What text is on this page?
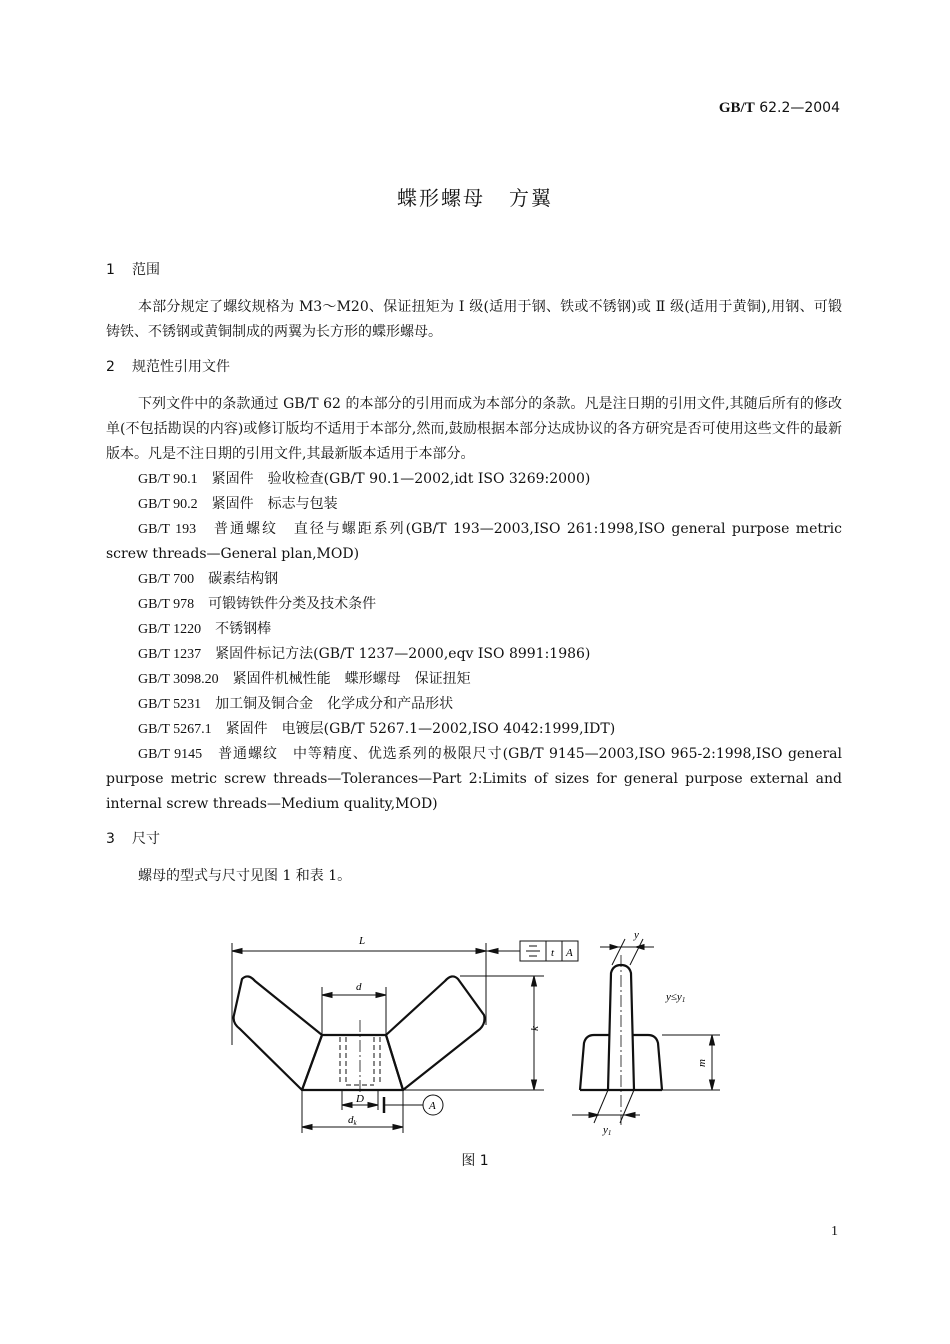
GB/T 62.2—2004
蝶形螺母 方翼
1 范围

本部分规定了螺纹规格为 M3～M20、保证扭矩为 Ⅰ 级(适用于钢、铁或不锈钢)或 Ⅱ 级(适用于黄铜),用钢、可锻铸铁、不锈钢或黄铜制成的两翼为长方形的蝶形螺母。

2 规范性引用文件

下列文件中的条款通过 GB/T 62 的本部分的引用而成为本部分的条款。凡是注日期的引用文件,其随后所有的修改单(不包括勘误的内容)或修订版均不适用于本部分,然而,鼓励根据本部分达成协议的各方研究是否可使用这些文件的最新版本。凡是不注日期的引用文件,其最新版本适用于本部分。

GB/T 90.1　 紧固件　验收检查(GB/T 90.1—2002,idt ISO 3269:2000)

GB/T 90.2　 紧固件　标志与包装

GB/T 193　 普通螺纹　直径与螺距系列(GB/T 193—2003,ISO 261:1998,ISO general purpose metric screw threads—General plan,MOD)

GB/T 700　 碳素结构钢

GB/T 978　 可锻铸铁件分类及技术条件

GB/T 1220　 不锈钢棒

GB/T 1237　 紧固件标记方法(GB/T 1237—2000,eqv ISO 8991:1986)

GB/T 3098.20　 紧固件机械性能　蝶形螺母　保证扭矩

GB/T 5231　 加工铜及铜合金　化学成分和产品形状

GB/T 5267.1　 紧固件　电镀层(GB/T 5267.1—2002,ISO 4042:1999,IDT)

GB/T 9145　 普通螺纹　中等精度、优选系列的极限尺寸(GB/T 9145—2003,ISO 965-2:1998,ISO general purpose metric screw threads—Tolerances—Part 2:Limits of sizes for general purpose external and internal screw threads—Medium quality,MOD)

3 尺寸

螺母的型式与尺寸见图 1 和表 1。

L
t A
d
k
D
A
dk
y
y≤y1
m
y1
图 1
1
